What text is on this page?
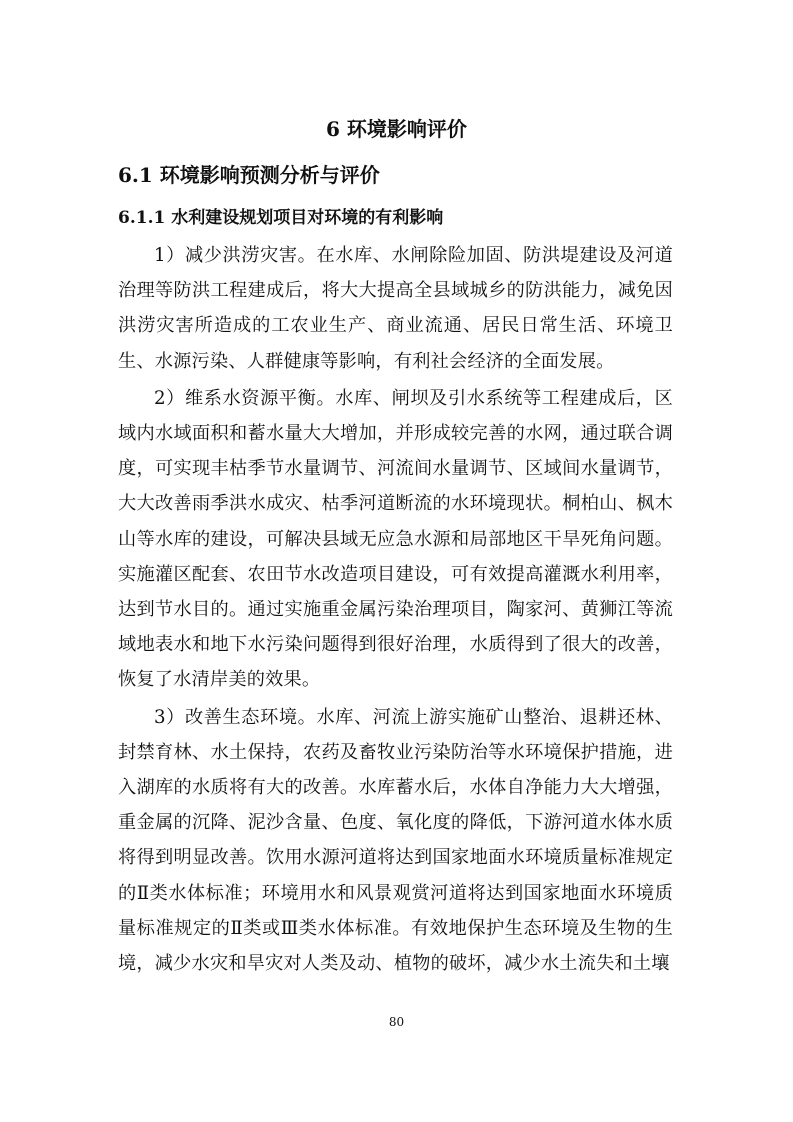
6 环境影响评价
6.1 环境影响预测分析与评价
6.1.1 水利建设规划项目对环境的有利影响

1）减少洪涝灾害。在水库、水闸除险加固、防洪堤建设及河道治理等防洪工程建成后，将大大提高全县域城乡的防洪能力，减免因洪涝灾害所造成的工农业生产、商业流通、居民日常生活、环境卫生、水源污染、人群健康等影响，有利社会经济的全面发展。

2）维系水资源平衡。水库、闸坝及引水系统等工程建成后，区域内水域面积和蓄水量大大增加，并形成较完善的水网，通过联合调度，可实现丰枯季节水量调节、河流间水量调节、区域间水量调节，大大改善雨季洪水成灾、枯季河道断流的水环境现状。桐柏山、枫木山等水库的建设，可解决县域无应急水源和局部地区干旱死角问题。实施灌区配套、农田节水改造项目建设，可有效提高灌溉水利用率，达到节水目的。通过实施重金属污染治理项目，陶家河、黄狮江等流域地表水和地下水污染问题得到很好治理，水质得到了很大的改善，恢复了水清岸美的效果。

3）改善生态环境。水库、河流上游实施矿山整治、退耕还林、封禁育林、水土保持，农药及畜牧业污染防治等水环境保护措施，进入湖库的水质将有大的改善。水库蓄水后，水体自净能力大大增强，重金属的沉降、泥沙含量、色度、氧化度的降低，下游河道水体水质将得到明显改善。饮用水源河道将达到国家地面水环境质量标准规定的Ⅱ类水体标准；环境用水和风景观赏河道将达到国家地面水环境质量标准规定的Ⅱ类或Ⅲ类水体标准。有效地保护生态环境及生物的生境，减少水灾和旱灾对人类及动、植物的破坏，减少水土流失和土壤

80
